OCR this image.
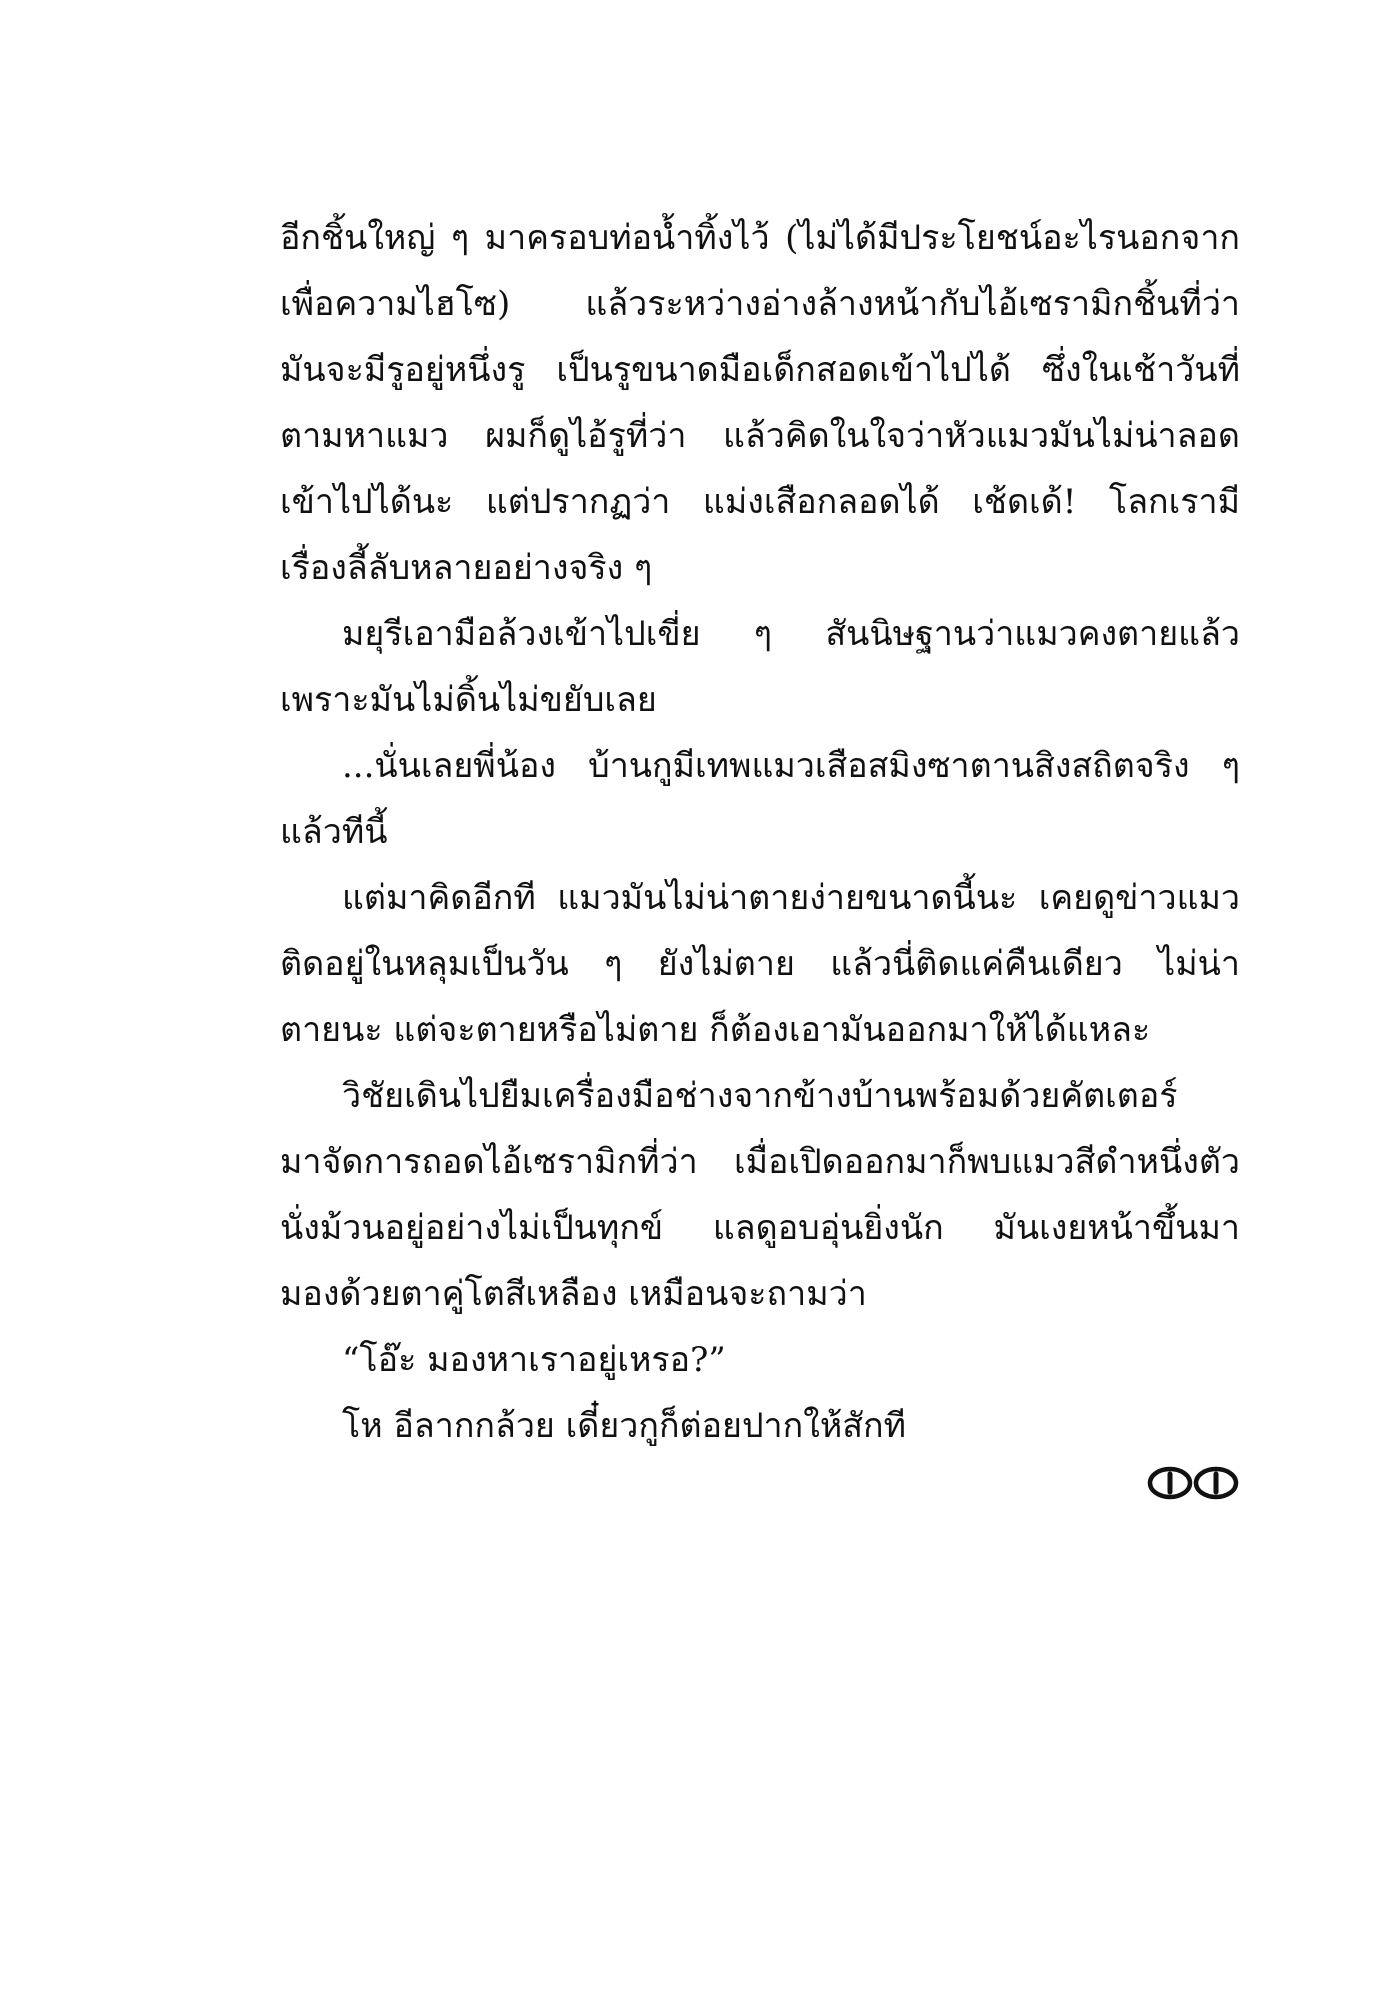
อีกชิ้นใหญ่ ๆ มาครอบท่อน้ำทิ้งไว้ (ไม่ได้มีประโยชน์อะไรนอกจาก
เพื่อความไฮโซ) แล้วระหว่างอ่างล้างหน้ากับไอ้เซรามิกชิ้นที่ว่า
มันจะมีรูอยู่หนึ่งรู เป็นรูขนาดมือเด็กสอดเข้าไปได้ ซึ่งในเช้าวันที่
ตามหาแมว ผมก็ดูไอ้รูที่ว่า แล้วคิดในใจว่าหัวแมวมันไม่น่าลอด
เข้าไปได้นะ แต่ปรากฏว่า แม่งเสือกลอดได้ เช้ดเด้! โลกเรามี
เรื่องลี้ลับหลายอย่างจริง ๆ
มยุรีเอามือล้วงเข้าไปเขี่ย ๆ สันนิษฐานว่าแมวคงตายแล้ว
เพราะมันไม่ดิ้นไม่ขยับเลย
...นั่นเลยพี่น้อง บ้านกูมีเทพแมวเสือสมิงซาตานสิงสถิตจริง ๆ
แล้วทีนี้
แต่มาคิดอีกที แมวมันไม่น่าตายง่ายขนาดนี้นะ เคยดูข่าวแมว
ติดอยู่ในหลุมเป็นวัน ๆ ยังไม่ตาย แล้วนี่ติดแค่คืนเดียว ไม่น่า
ตายนะ แต่จะตายหรือไม่ตาย ก็ต้องเอามันออกมาให้ได้แหละ
วิชัยเดินไปยืมเครื่องมือช่างจากข้างบ้านพร้อมด้วยคัตเตอร์
มาจัดการถอดไอ้เซรามิกที่ว่า เมื่อเปิดออกมาก็พบแมวสีดำหนึ่งตัว
นั่งม้วนอยู่อย่างไม่เป็นทุกข์ แลดูอบอุ่นยิ่งนัก มันเงยหน้าขึ้นมา
มองด้วยตาคู่โตสีเหลือง เหมือนจะถามว่า
“โอ๊ะ มองหาเราอยู่เหรอ?”
โห อีลากกล้วย เดี๋ยวกูก็ต่อยปากให้สักที
